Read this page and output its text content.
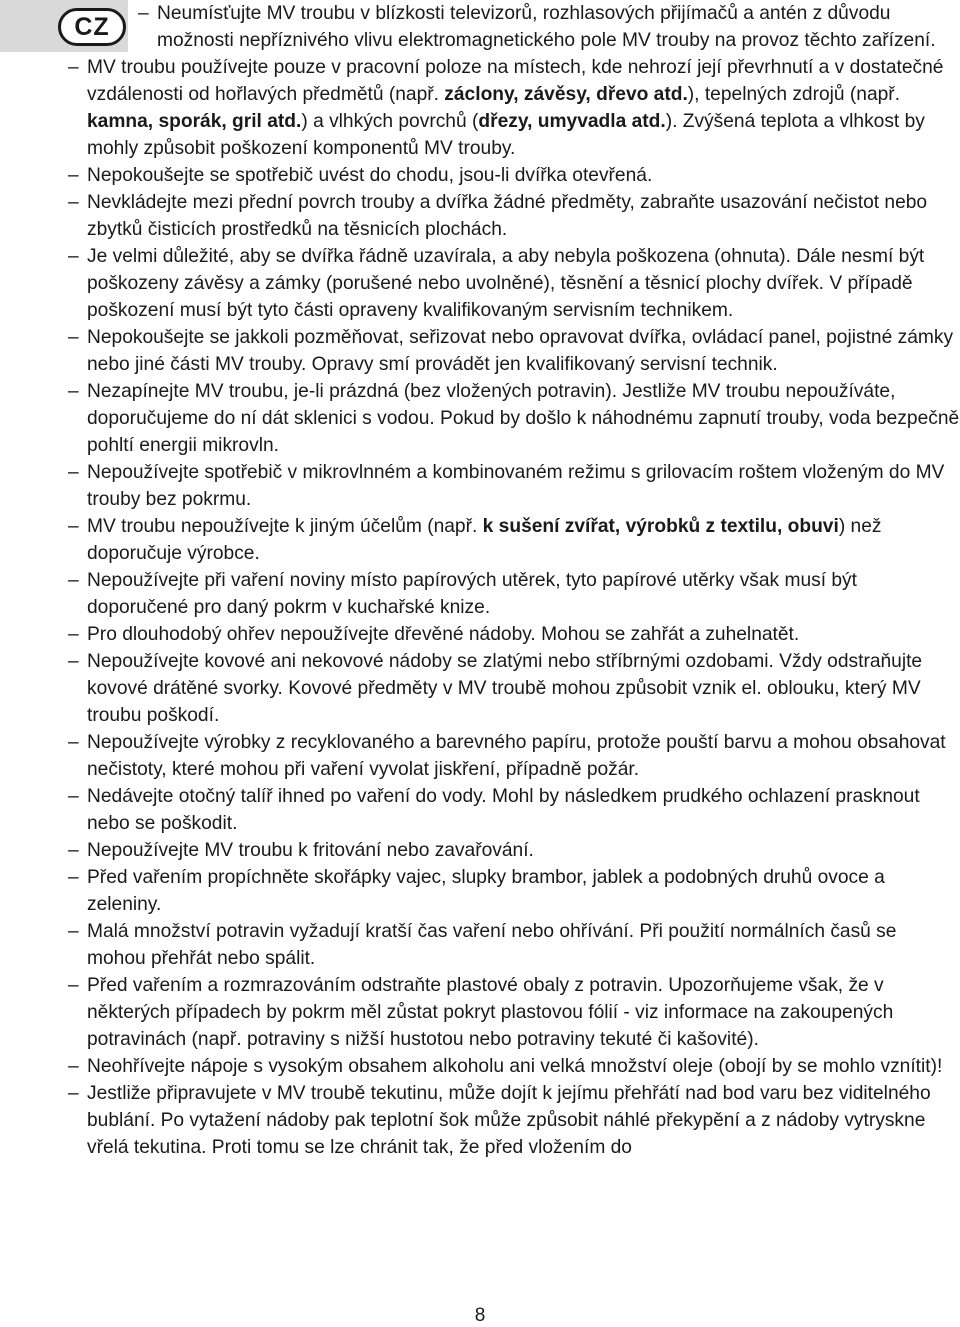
CZ	– Neumísťujte MV troubu v blízkosti televizorů, rozhlasových přijímačů a antén z důvodu možnosti nepříznivého vlivu elektromagnetického pole MV trouby na provoz těchto zařízení.

– MV troubu používejte pouze v pracovní poloze na místech, kde nehrozí její převrhnutí a v dostatečné vzdálenosti od hořlavých předmětů (např. záclony, závěsy, dřevo atd.), tepelných zdrojů (např. kamna, sporák, gril atd.) a vlhkých povrchů (dřezy, umyvadla atd.). Zvýšená teplota a vlhkost by mohly způsobit poškození komponentů MV trouby.

– Nepokoušejte se spotřebič uvést do chodu, jsou-li dvířka otevřená.

– Nevkládejte mezi přední povrch trouby a dvířka žádné předměty, zabraňte usazování nečistot nebo zbytků čisticích prostředků na těsnicích plochách.

– Je velmi důležité, aby se dvířka řádně uzavírala, a aby nebyla poškozena (ohnuta). Dále nesmí být poškozeny závěsy a zámky (porušené nebo uvolněné), těsnění a těsnicí plochy dvířek. V případě poškození musí být tyto části opraveny kvalifikovaným servisním technikem.

– Nepokoušejte se jakkoli pozměňovat, seřizovat nebo opravovat dvířka, ovládací panel, pojistné zámky nebo jiné části MV trouby. Opravy smí provádět jen kvalifikovaný servisní technik.

– Nezapínejte MV troubu, je-li prázdná (bez vložených potravin). Jestliže MV troubu nepoužíváte, doporučujeme do ní dát sklenici s vodou. Pokud by došlo k náhodnému zapnutí trouby, voda bezpečně pohltí energii mikrovln.

– Nepoužívejte spotřebič v mikrovlnném a kombinovaném režimu s grilovacím roštem vloženým do MV trouby bez pokrmu.

– MV troubu nepoužívejte k jiným účelům (např. k sušení zvířat, výrobků z textilu, obuvi) než doporučuje výrobce.

– Nepoužívejte při vaření noviny místo papírových utěrek, tyto papírové utěrky však musí být doporučené pro daný pokrm v kuchařské knize.

– Pro dlouhodobý ohřev nepoužívejte dřevěné nádoby. Mohou se zahřát a zuhelnatět.

– Nepoužívejte kovové ani nekovové nádoby se zlatými nebo stříbrnými ozdobami. Vždy odstraňujte kovové drátěné svorky. Kovové předměty v MV troubě mohou způsobit vznik el. oblouku, který MV troubu poškodí.

– Nepoužívejte výrobky z recyklovaného a barevného papíru, protože pouští barvu a mohou obsahovat nečistoty, které mohou při vaření vyvolat jiskření, případně požár.

– Nedávejte otočný talíř ihned po vaření do vody. Mohl by následkem prudkého ochlazení prasknout nebo se poškodit.

– Nepoužívejte MV troubu k fritování nebo zavařování.

– Před vařením propíchněte skořápky vajec, slupky brambor, jablek a podobných druhů ovoce a zeleniny.

– Malá množství potravin vyžadují kratší čas vaření nebo ohřívání. Při použití normálních časů se mohou přehřát nebo spálit.

– Před vařením a rozmrazováním odstraňte plastové obaly z potravin. Upozorňujeme však, že v některých případech by pokrm měl zůstat pokryt plastovou fólií - viz informace na zakoupených potravinách (např. potraviny s nižší hustotou nebo potraviny tekuté či kašovité).

– Neohřívejte nápoje s vysokým obsahem alkoholu ani velká množství oleje (obojí by se mohlo vznítit)!

– Jestliže připravujete v MV troubě tekutinu, může dojít k jejímu přehřátí nad bod varu bez viditelného bublání. Po vytažení nádoby pak teplotní šok může způsobit náhlé překypění a z nádoby vytryskne vřelá tekutina. Proti tomu se lze chránit tak, že před vložením do

8
